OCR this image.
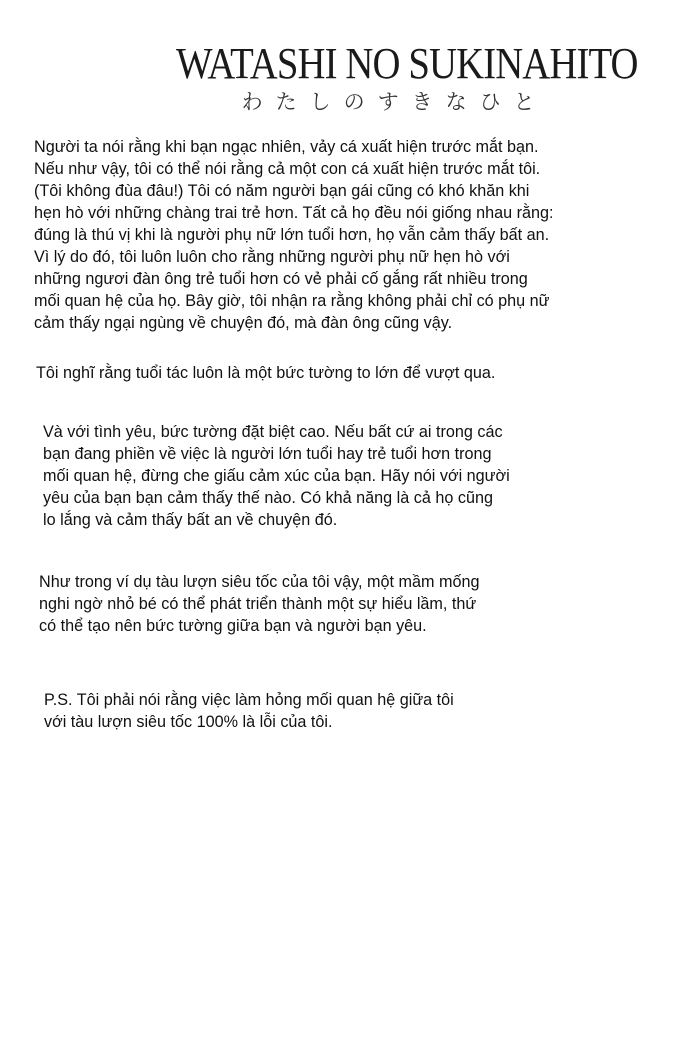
WATASHI NO SUKINAHITO
わたしのすきなひと

Người ta nói rằng khi bạn ngạc nhiên, vảy cá xuất hiện trước mắt bạn.
Nếu như vậy, tôi có thể nói rằng cả một con cá xuất hiện trước mắt tôi.
(Tôi không đùa đâu!) Tôi có năm người bạn gái cũng có khó khăn khi
hẹn hò với những chàng trai trẻ hơn. Tất cả họ đều nói giống nhau rằng:
đúng là thú vị khi là người phụ nữ lớn tuổi hơn, họ vẫn cảm thấy bất an.
Vì lý do đó, tôi luôn luôn cho rằng những người phụ nữ hẹn hò với
những ngươi đàn ông trẻ tuổi hơn có vẻ phải cố gắng rất nhiều trong
mối quan hệ của họ. Bây giờ, tôi nhận ra rằng không phải chỉ có phụ nữ
cảm thấy ngại ngùng về chuyện đó, mà đàn ông cũng vậy.

Tôi nghĩ rằng tuổi tác luôn là một bức tường to lớn để vượt qua.

Và với tình yêu, bức tường đặt biệt cao. Nếu bất cứ ai trong các
bạn đang phiền về việc là người lớn tuổi hay trẻ tuổi hơn trong
mối quan hệ, đừng che giấu cảm xúc của bạn. Hãy nói với người
yêu của bạn bạn cảm thấy thế nào. Có khả năng là cả họ cũng
lo lắng và cảm thấy bất an về chuyện đó.

Như trong ví dụ tàu lượn siêu tốc của tôi vậy, một mầm mống
nghi ngờ nhỏ bé có thể phát triển thành một sự hiểu lầm, thứ
có thể tạo nên bức tường giữa bạn và người bạn yêu.

P.S. Tôi phải nói rằng việc làm hỏng mối quan hệ giữa tôi
với tàu lượn siêu tốc 100% là lỗi của tôi.
